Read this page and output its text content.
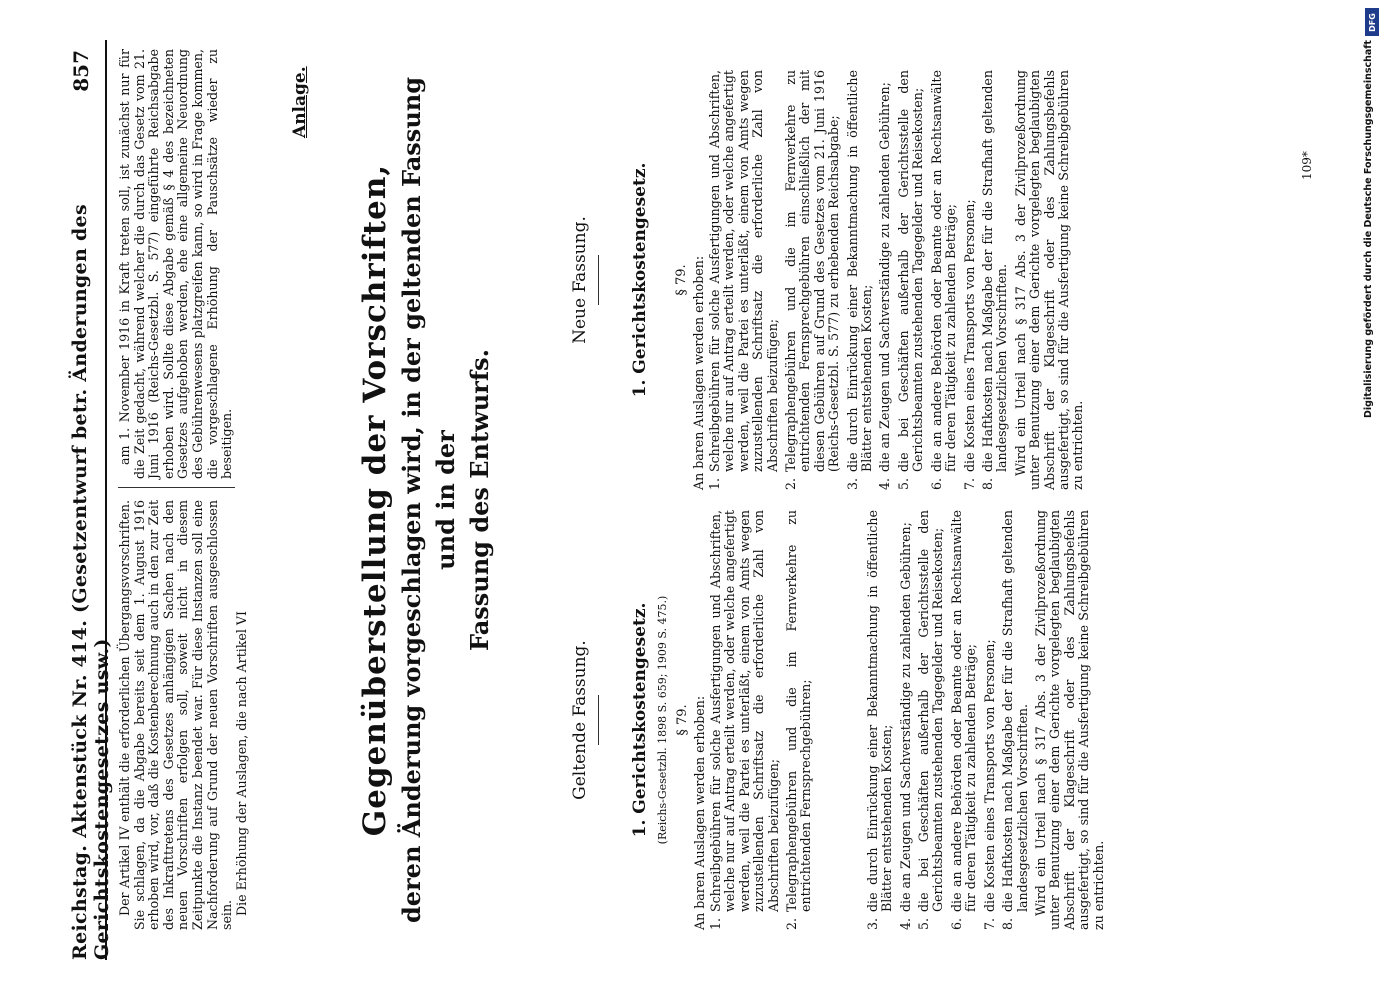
Reichstag. Aktenstück Nr. 414. (Gesetzentwurf betr. Änderungen des Gerichtskostengesetzes usw.)
857

Der Artikel IV enthält die erforderlichen Übergangsvorschriften. Sie schlagen, da die Abgabe bereits seit dem 1. August 1916 erhoben wird, vor, daß die Kostenberechnung auch in den zur Zeit des Inkrafttretens des Gesetzes anhängigen Sachen nach den neuen Vorschriften erfolgen soll, soweit nicht in diesem Zeitpunkte die Instanz beendet war. Für diese Instanzen soll eine Nachforderung auf Grund der neuen Vorschriften ausgeschlossen sein. Die Erhöhung der Auslagen, die nach Artikel VI

am 1. November 1916 in Kraft treten soll, ist zunächst nur für die Zeit gedacht, während welcher die durch das Gesetz vom 21. Juni 1916 (Reichs-Gesetzbl. S. 577) eingeführte Reichsabgabe erhoben wird. Sollte diese Abgabe gemäß § 4 des bezeichneten Gesetzes aufgehoben werden, ehe eine allgemeine Neuordnung des Gebührenwesens platzgreifen kann, so wird in Frage kommen, die vorgeschlagene Erhöhung der Pauschsätze wieder zu beseitigen.

Anlage.
Gegenüberstellung der Vorschriften, deren Änderung vorgeschlagen wird, in der geltenden Fassung und in der Fassung des Entwurfs.
Geltende Fassung.
Neue Fassung.
1. Gerichtskostengesetz. (Reichs-Gesetzbl. 1898 S. 659; 1909 S. 475.) § 79. An baren Auslagen werden erhoben: 1.
Schreibgebühren für solche Ausfertigungen und Abschriften, welche nur auf Antrag erteilt werden, oder welche angefertigt werden, weil die Partei es unterläßt, einem von Amts wegen zuzustellenden Schriftsatz die erforderliche Zahl von Abschriften beizufügen;
2.
Telegraphengebühren und die im Fernverkehre zu entrichtenden Fernsprechgebühren;
3.
die durch Einrückung einer Bekanntmachung in öffentliche Blätter entstehenden Kosten;
4.
die an Zeugen und Sachverständige zu zahlenden Gebühren;
5.
die bei Geschäften außerhalb der Gerichtsstelle den Gerichtsbeamten zustehenden Tagegelder und Reisekosten;
6.
die an andere Behörden oder Beamte oder an Rechtsanwälte für deren Tätigkeit zu zahlenden Beträge;
7.
die Kosten eines Transports von Personen;
8.
die Haftkosten nach Maßgabe der für die Strafhaft geltenden landesgesetzlichen Vorschriften. Wird ein Urteil nach § 317 Abs. 3 der Zivilprozeßordnung unter Benutzung einer dem Gerichte vorgelegten beglaubigten Abschrift der Klageschrift oder des Zahlungsbefehls ausgefertigt, so sind für die Ausfertigung keine Schreibgebühren zu entrichten.
1. Gerichtskostengesetz. § 79. An baren Auslagen werden erhoben: 1.
Schreibgebühren für solche Ausfertigungen und Abschriften, welche nur auf Antrag erteilt werden, oder welche angefertigt werden, weil die Partei es unterläßt, einem von Amts wegen zuzustellenden Schriftsatz die erforderliche Zahl von Abschriften beizufügen;
2.
Telegraphengebühren und die im Fernverkehre zu entrichtenden Fernsprechgebühren einschließlich der mit diesen Gebühren auf Grund des Gesetzes vom 21. Juni 1916 (Reichs-Gesetzbl. S. 577) zu erhebenden Reichsabgabe;
3.
die durch Einrückung einer Bekanntmachung in öffentliche Blätter entstehenden Kosten;
4.
die an Zeugen und Sachverständige zu zahlenden Gebühren;
5.
die bei Geschäften außerhalb der Gerichtsstelle den Gerichtsbeamten zustehenden Tagegelder und Reisekosten;
6.
die an andere Behörden oder Beamte oder an Rechtsanwälte für deren Tätigkeit zu zahlenden Beträge;
7.
die Kosten eines Transports von Personen;
8.
die Haftkosten nach Maßgabe der für die Strafhaft geltenden landesgesetzlichen Vorschriften. Wird ein Urteil nach § 317 Abs. 3 der Zivilprozeßordnung unter Benutzung einer dem Gerichte vorgelegten beglaubigten Abschrift der Klageschrift oder des Zahlungsbefehls ausgefertigt, so sind für die Ausfertigung keine Schreibgebühren zu entrichten.
109*
DFG
Digitalisierung gefördert durch die Deutsche Forschungsgemeinschaft
